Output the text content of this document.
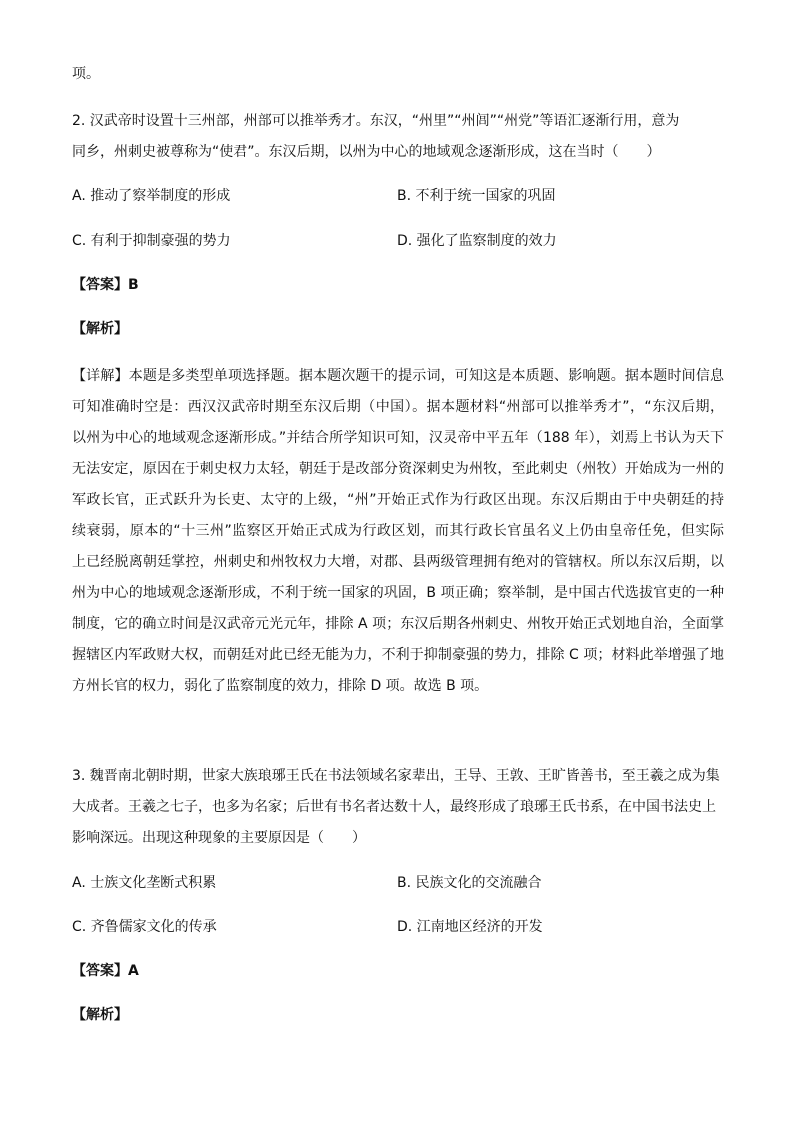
项。
2. 汉武帝时设置十三州部，州部可以推举秀才。东汉，“州里”“州闾”“州党”等语汇逐渐行用，意为
同乡，州刺史被尊称为“使君”。东汉后期，以州为中心的地域观念逐渐形成，这在当时（　　）
A. 推动了察举制度的形成	B. 不利于统一国家的巩固
C. 有利于抑制豪强的势力	D. 强化了监察制度的效力
【答案】B
【解析】
【详解】本题是多类型单项选择题。据本题次题干的提示词，可知这是本质题、影响题。据本题时间信息
可知准确时空是：西汉汉武帝时期至东汉后期（中国）。据本题材料“州部可以推举秀才”，“东汉后期，
以州为中心的地域观念逐渐形成。”并结合所学知识可知，汉灵帝中平五年（188 年），刘焉上书认为天下
无法安定，原因在于刺史权力太轻，朝廷于是改部分资深刺史为州牧，至此刺史（州牧）开始成为一州的
军政长官，正式跃升为长吏、太守的上级，“州”开始正式作为行政区出现。东汉后期由于中央朝廷的持
续衰弱，原本的“十三州”监察区开始正式成为行政区划，而其行政长官虽名义上仍由皇帝任免，但实际
上已经脱离朝廷掌控，州刺史和州牧权力大增，对郡、县两级管理拥有绝对的管辖权。所以东汉后期，以
州为中心的地域观念逐渐形成，不利于统一国家的巩固，B 项正确；察举制，是中国古代选拔官吏的一种
制度，它的确立时间是汉武帝元光元年，排除 A 项；东汉后期各州刺史、州牧开始正式划地自治，全面掌
握辖区内军政财大权，而朝廷对此已经无能为力，不利于抑制豪强的势力，排除 C 项；材料此举增强了地
方州长官的权力，弱化了监察制度的效力，排除 D 项。故选 B 项。
3. 魏晋南北朝时期，世家大族琅琊王氏在书法领域名家辈出，王导、王敦、王旷皆善书，至王羲之成为集
大成者。王羲之七子，也多为名家；后世有书名者达数十人，最终形成了琅琊王氏书系，在中国书法史上
影响深远。出现这种现象的主要原因是（　　）
A. 士族文化垄断式积累	B. 民族文化的交流融合
C. 齐鲁儒家文化的传承	D. 江南地区经济的开发
【答案】A
【解析】
